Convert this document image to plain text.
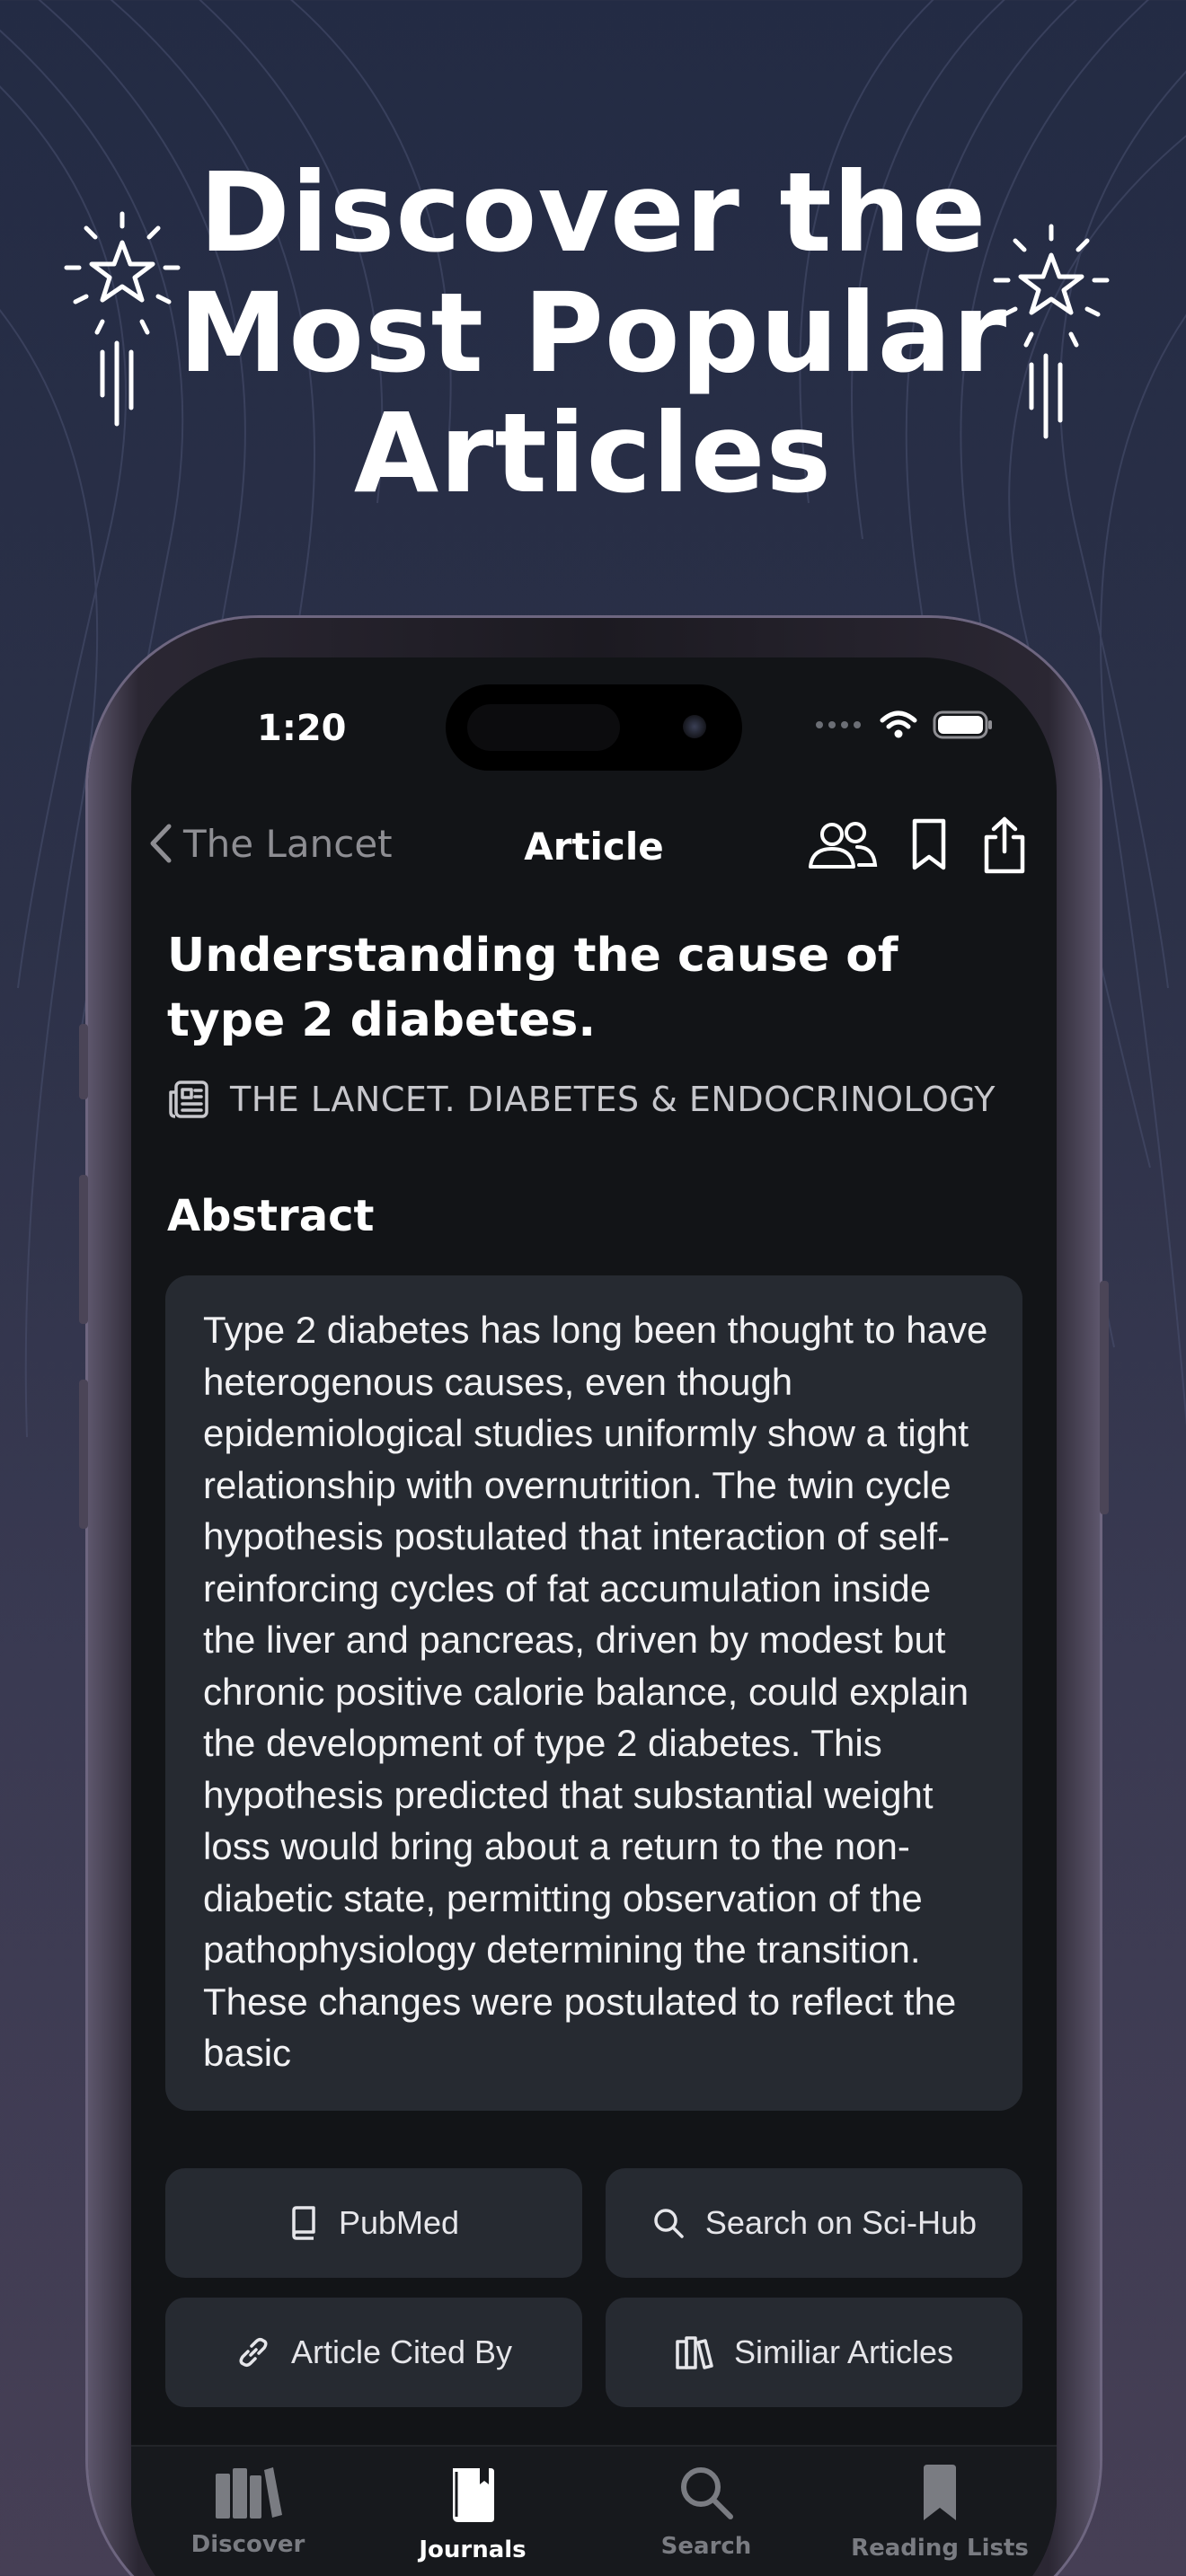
Discover the
Most Popular
Articles
1:20
The Lancet	Article
Understanding the cause of type 2 diabetes.
THE LANCET. DIABETES & ENDOCRINOLOGY
Abstract

Type 2 diabetes has long been thought to have heterogenous causes, even though epidemiological studies uniformly show a tight relationship with overnutrition. The twin cycle hypothesis postulated that interaction of self-reinforcing cycles of fat accumulation inside the liver and pancreas, driven by modest but chronic positive calorie balance, could explain the development of type 2 diabetes. This hypothesis predicted that substantial weight loss would bring about a return to the non-diabetic state, permitting observation of the pathophysiology determining the transition. These changes were postulated to reflect the basic

PubMed	Search on Sci-Hub
Article Cited By	Similiar Articles
Discover	Journals	Search	Reading Lists
